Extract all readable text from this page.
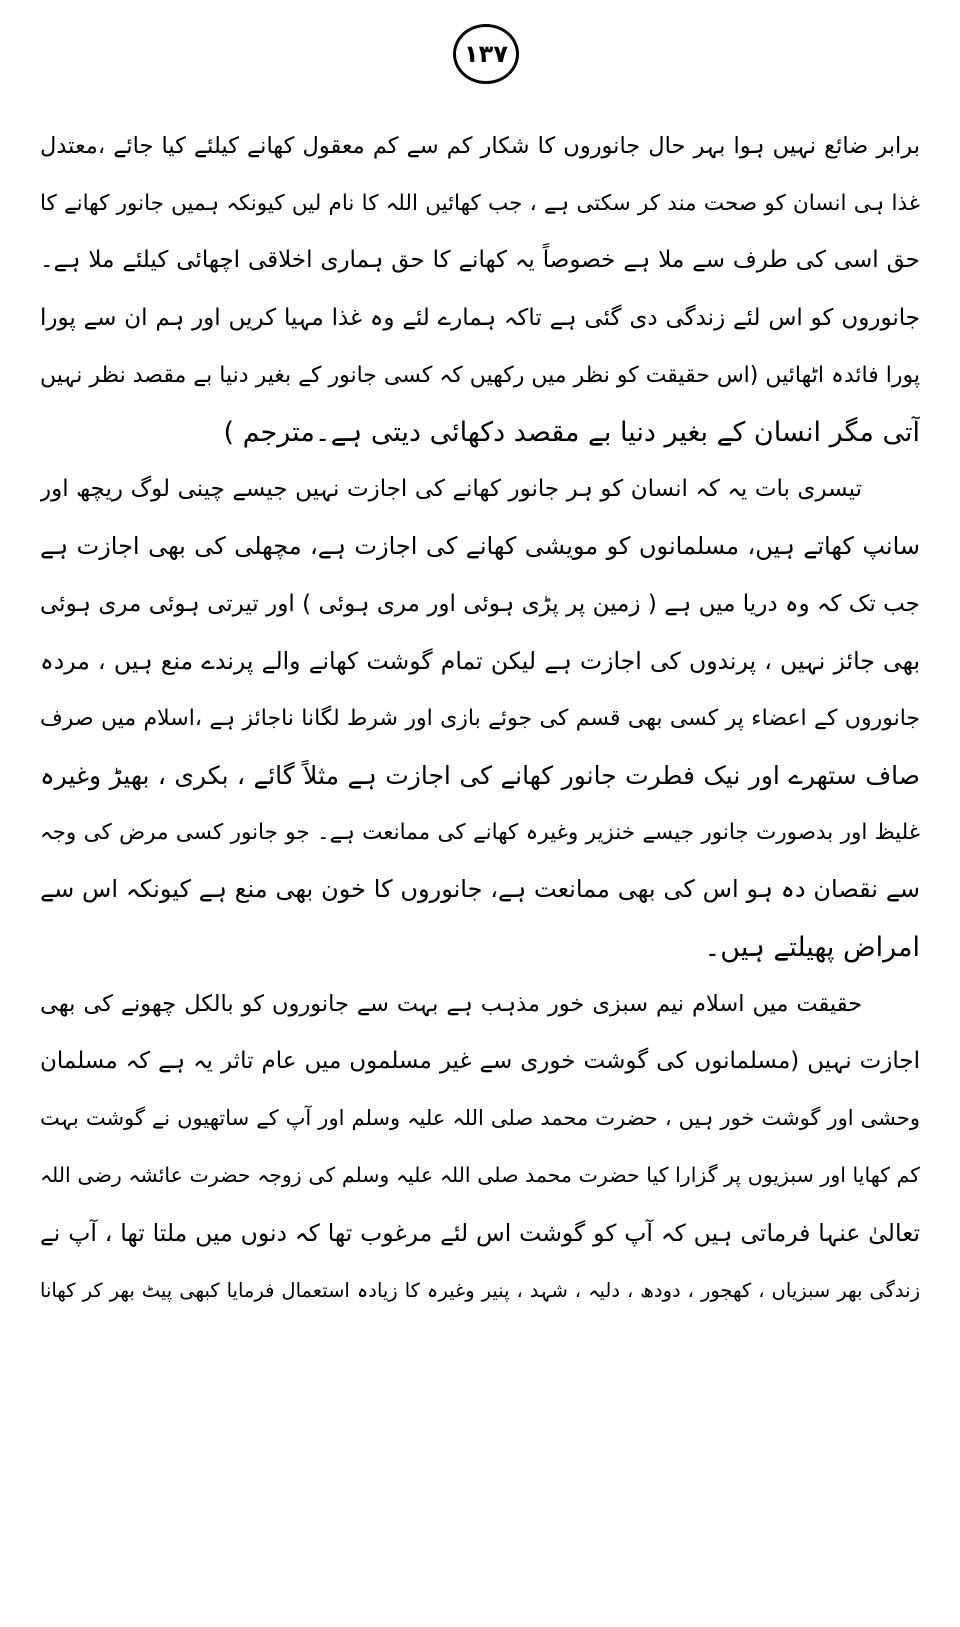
۱۳۷
برابر ضائع نہیں ہوا بہر حال جانوروں کا شکار کم سے کم معقول کھانے کیلئے کیا جائے ،معتدل
غذا ہی انسان کو صحت مند کر سکتی ہے ، جب کھائیں اللہ کا نام لیں کیونکہ ہمیں جانور کھانے کا
حق اسی کی طرف سے ملا ہے خصوصاً یہ کھانے کا حق ہماری اخلاقی اچھائی کیلئے ملا ہے۔
جانوروں کو اس لئے زندگی دی گئی ہے تاکہ ہمارے لئے وہ غذا مہیا کریں اور ہم ان سے پورا
پورا فائدہ اٹھائیں (اس حقیقت کو نظر میں رکھیں کہ کسی جانور کے بغیر دنیا بے مقصد نظر نہیں
آتی مگر انسان کے بغیر دنیا بے مقصد دکھائی دیتی ہے۔مترجم )
تیسری بات یہ کہ انسان کو ہر جانور کھانے کی اجازت نہیں جیسے چینی لوگ ریچھ اور
سانپ کھاتے ہیں، مسلمانوں کو مویشی کھانے کی اجازت ہے، مچھلی کی بھی اجازت ہے
جب تک کہ وہ دریا میں ہے ( زمین پر پڑی ہوئی اور مری ہوئی ) اور تیرتی ہوئی مری ہوئی
بھی جائز نہیں ، پرندوں کی اجازت ہے لیکن تمام گوشت کھانے والے پرندے منع ہیں ، مردہ
جانوروں کے اعضاء پر کسی بھی قسم کی جوئے بازی اور شرط لگانا ناجائز ہے ،اسلام میں صرف
صاف ستھرے اور نیک فطرت جانور کھانے کی اجازت ہے مثلاً گائے ، بکری ، بھیڑ وغیرہ
غلیظ اور بدصورت جانور جیسے خنزیر وغیرہ کھانے کی ممانعت ہے۔ جو جانور کسی مرض کی وجہ
سے نقصان دہ ہو اس کی بھی ممانعت ہے، جانوروں کا خون بھی منع ہے کیونکہ اس سے
امراض پھیلتے ہیں۔
حقیقت میں اسلام نیم سبزی خور مذہب ہے بہت سے جانوروں کو بالکل چھونے کی بھی
اجازت نہیں (مسلمانوں کی گوشت خوری سے غیر مسلموں میں عام تاثر یہ ہے کہ مسلمان
وحشی اور گوشت خور ہیں ، حضرت محمد صلی اللہ علیہ وسلم اور آپ کے ساتھیوں نے گوشت بہت
کم کھایا اور سبزیوں پر گزارا کیا حضرت محمد صلی اللہ علیہ وسلم کی زوجہ حضرت عائشہ رضی اللہ
تعالیٰ عنہا فرماتی ہیں کہ آپ کو گوشت اس لئے مرغوب تھا کہ دنوں میں ملتا تھا ، آپ نے
زندگی بھر سبزیاں ، کھجور ، دودھ ، دلیہ ، شہد ، پنیر وغیرہ کا زیادہ استعمال فرمایا کبھی پیٹ بھر کر کھانا
